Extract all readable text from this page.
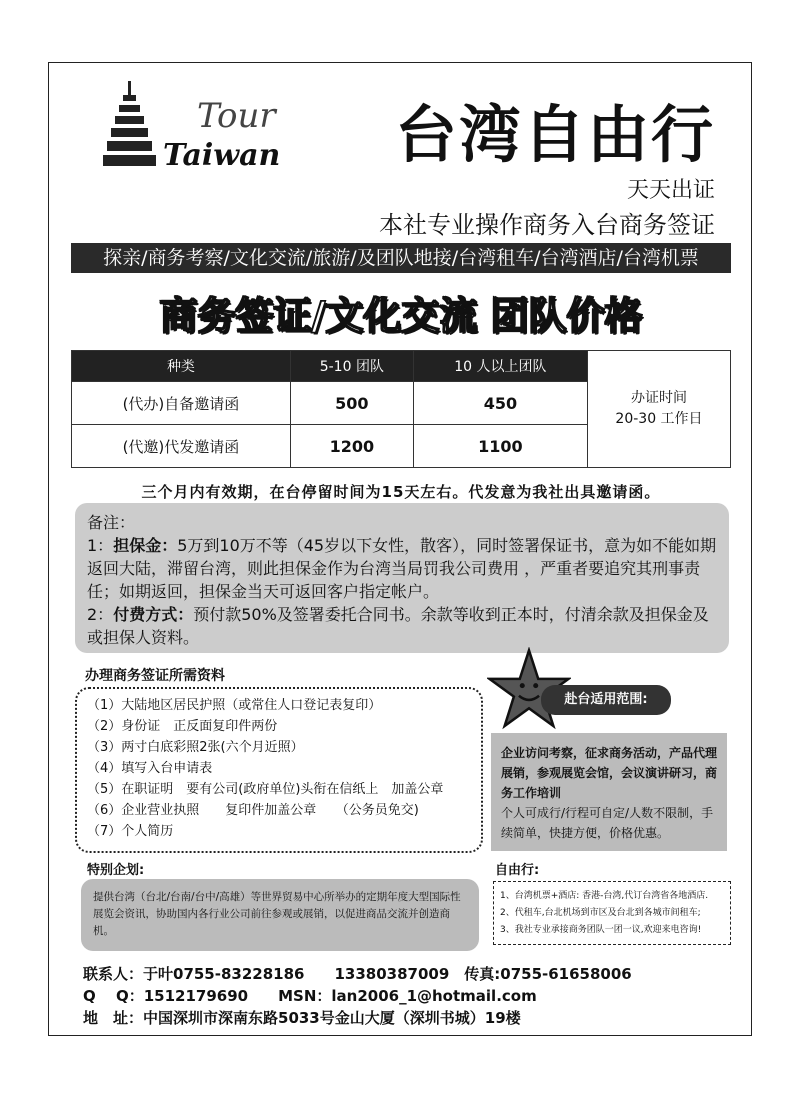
Tour
Taiwan 台湾自由行
天天出证
本社专业操作商务入台商务签证
探亲/商务考察/文化交流/旅游/及团队地接/台湾租车/台湾酒店/台湾机票
商务签证/文化交流 团队价格
种类	5-10 团队	10 人以上团队	办证时间
20-30 工作日
(代办)自备邀请函	500	450	
(代邀)代发邀请函	1200	1100	
三个月内有效期，在台停留时间为15天左右。代发意为我社出具邀请函。
备注：
1：担保金：5万到10万不等（45岁以下女性，散客），同时签署保证书，意为如不能如期返回大陆，滞留台湾，则此担保金作为台湾当局罚我公司费用 ，严重者要追究其刑事责任；如期返回，担保金当天可返回客户指定帐户。
2：付费方式：预付款50%及签署委托合同书。余款等收到正本时，付清余款及担保金及或担保人资料。
办理商务签证所需资料
（1）大陆地区居民护照（或常住人口登记表复印）
（2）身份证　正反面复印件两份
（3）两寸白底彩照2张(六个月近照）
（4）填写入台申请表
（5）在职证明　要有公司(政府单位)头衔在信纸上　加盖公章
（6）企业营业执照　　复印件加盖公章　　（公务员免交)
（7）个人简历
赴台适用范围:
企业访问考察，征求商务活动，产品代理展销，参观展览会馆，会议演讲研习，商务工作培训
个人可成行/行程可自定/人数不限制，手续简单，快捷方便，价格优惠。
特别企划:
提供台湾（台北/台南/台中/高雄）等世界贸易中心所举办的定期年度大型国际性展览会资讯，协助国内各行业公司前往参观或展销，以促进商品交流并创造商机。
自由行:
1、台湾机票+酒店: 香港-台湾,代订台湾省各地酒店.
2、代租车,台北机场到市区及台北到各城市间租车;
3、我社专业承接商务团队一团一议,欢迎来电咨询!
联系人：于叶0755-83228186　　13380387009　传真:0755-61658006
Q　 Q：1512179690　　MSN：lan2006_1@hotmail.com
地　址：中国深圳市深南东路5033号金山大厦（深圳书城）19楼
